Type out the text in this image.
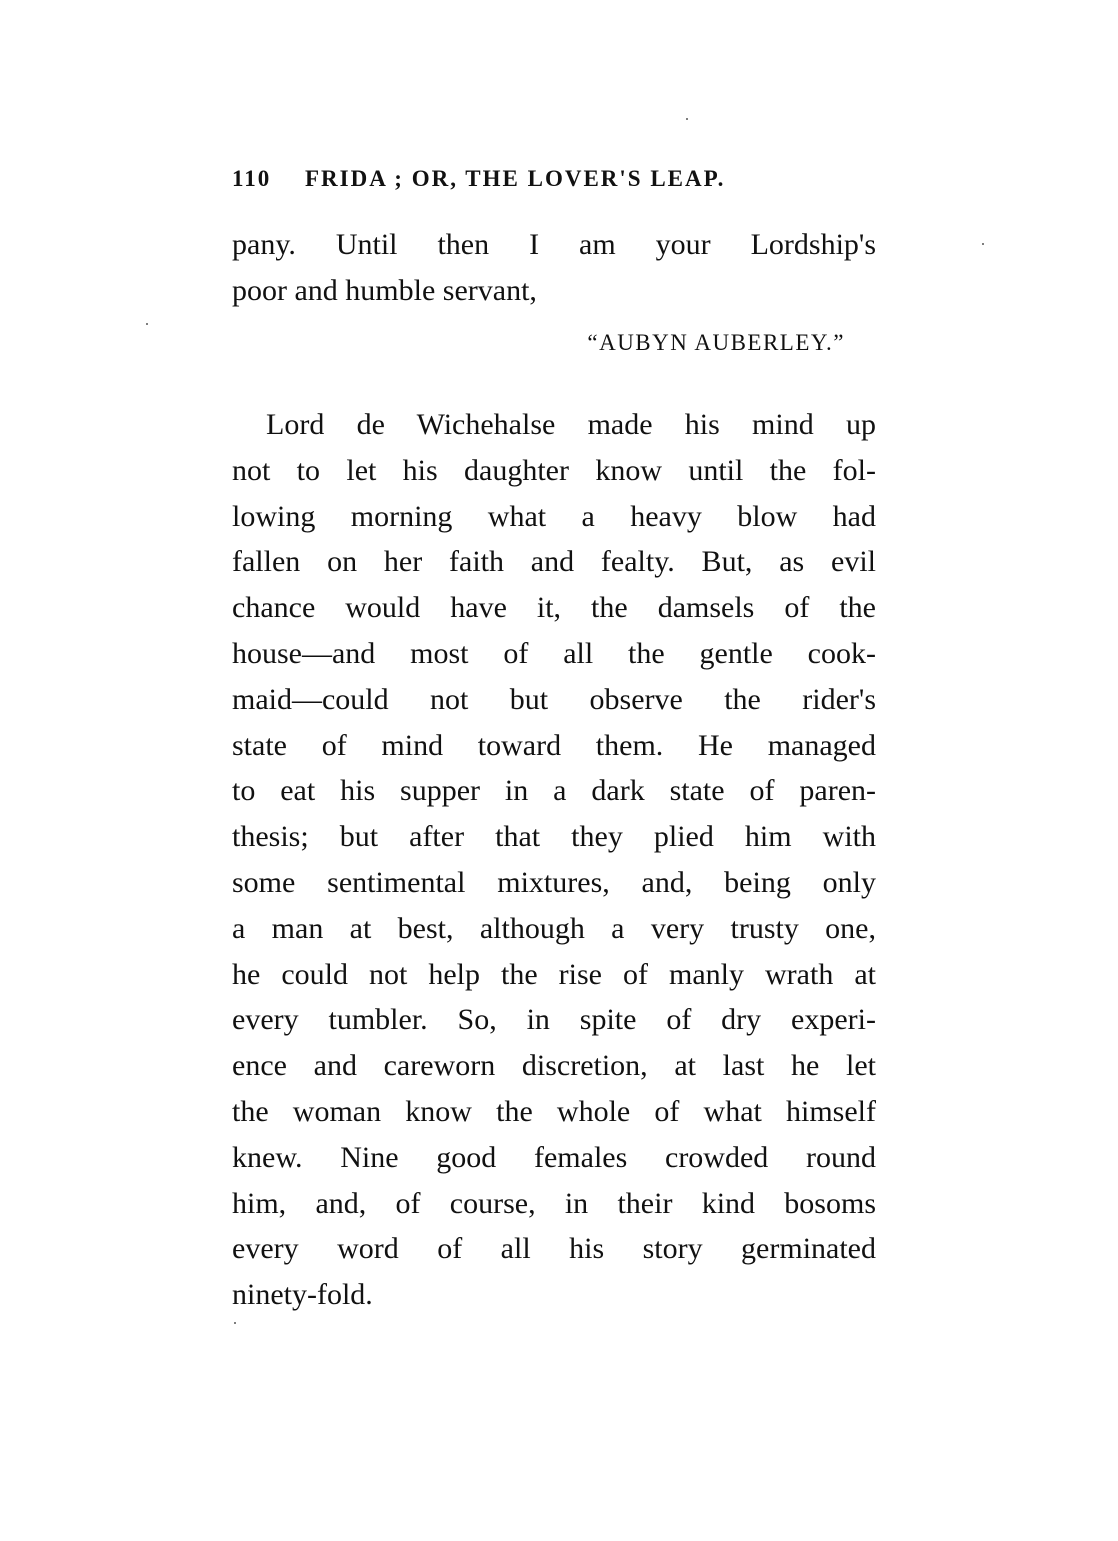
110 FRIDA ; OR, THE LOVER'S LEAP.
pany. Until then I am your Lordship's
poor and humble servant,
“AUBYN AUBERLEY.”
Lord de Wichehalse made his mind up
not to let his daughter know until the fol-
lowing morning what a heavy blow had
fallen on her faith and fealty. But, as evil
chance would have it, the damsels of the
house—and most of all the gentle cook-
maid—could not but observe the rider's
state of mind toward them. He managed
to eat his supper in a dark state of paren-
thesis; but after that they plied him with
some sentimental mixtures, and, being only
a man at best, although a very trusty one,
he could not help the rise of manly wrath at
every tumbler. So, in spite of dry experi-
ence and careworn discretion, at last he let
the woman know the whole of what himself
knew. Nine good females crowded round
him, and, of course, in their kind bosoms
every word of all his story germinated
ninety-fold.
